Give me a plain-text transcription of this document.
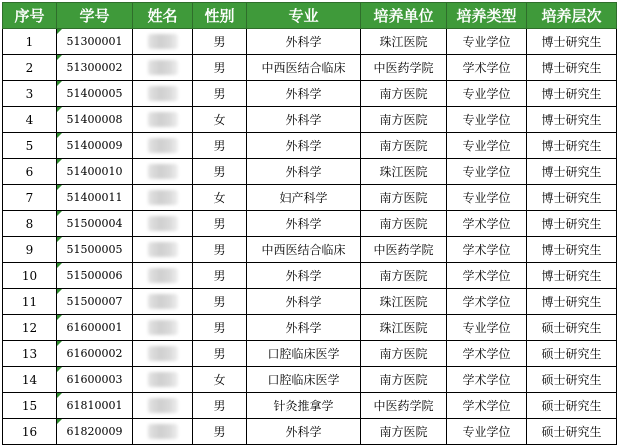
序号	学号	姓名	性别	专业	培养单位	培养类型	培养层次
1	51300001		男	外科学	珠江医院	专业学位	博士研究生
2	51300002		男	中西医结合临床	中医药学院	学术学位	博士研究生
3	51400005		男	外科学	南方医院	专业学位	博士研究生
4	51400008		女	外科学	南方医院	专业学位	博士研究生
5	51400009		男	外科学	南方医院	专业学位	博士研究生
6	51400010		男	外科学	珠江医院	专业学位	博士研究生
7	51400011		女	妇产科学	南方医院	专业学位	博士研究生
8	51500004		男	外科学	南方医院	学术学位	博士研究生
9	51500005		男	中西医结合临床	中医药学院	学术学位	博士研究生
10	51500006		男	外科学	南方医院	学术学位	博士研究生
11	51500007		男	外科学	珠江医院	学术学位	博士研究生
12	61600001		男	外科学	珠江医院	专业学位	硕士研究生
13	61600002		男	口腔临床医学	南方医院	学术学位	硕士研究生
14	61600003		女	口腔临床医学	南方医院	学术学位	硕士研究生
15	61810001		男	针灸推拿学	中医药学院	学术学位	硕士研究生
16	61820009		男	外科学	南方医院	专业学位	硕士研究生
